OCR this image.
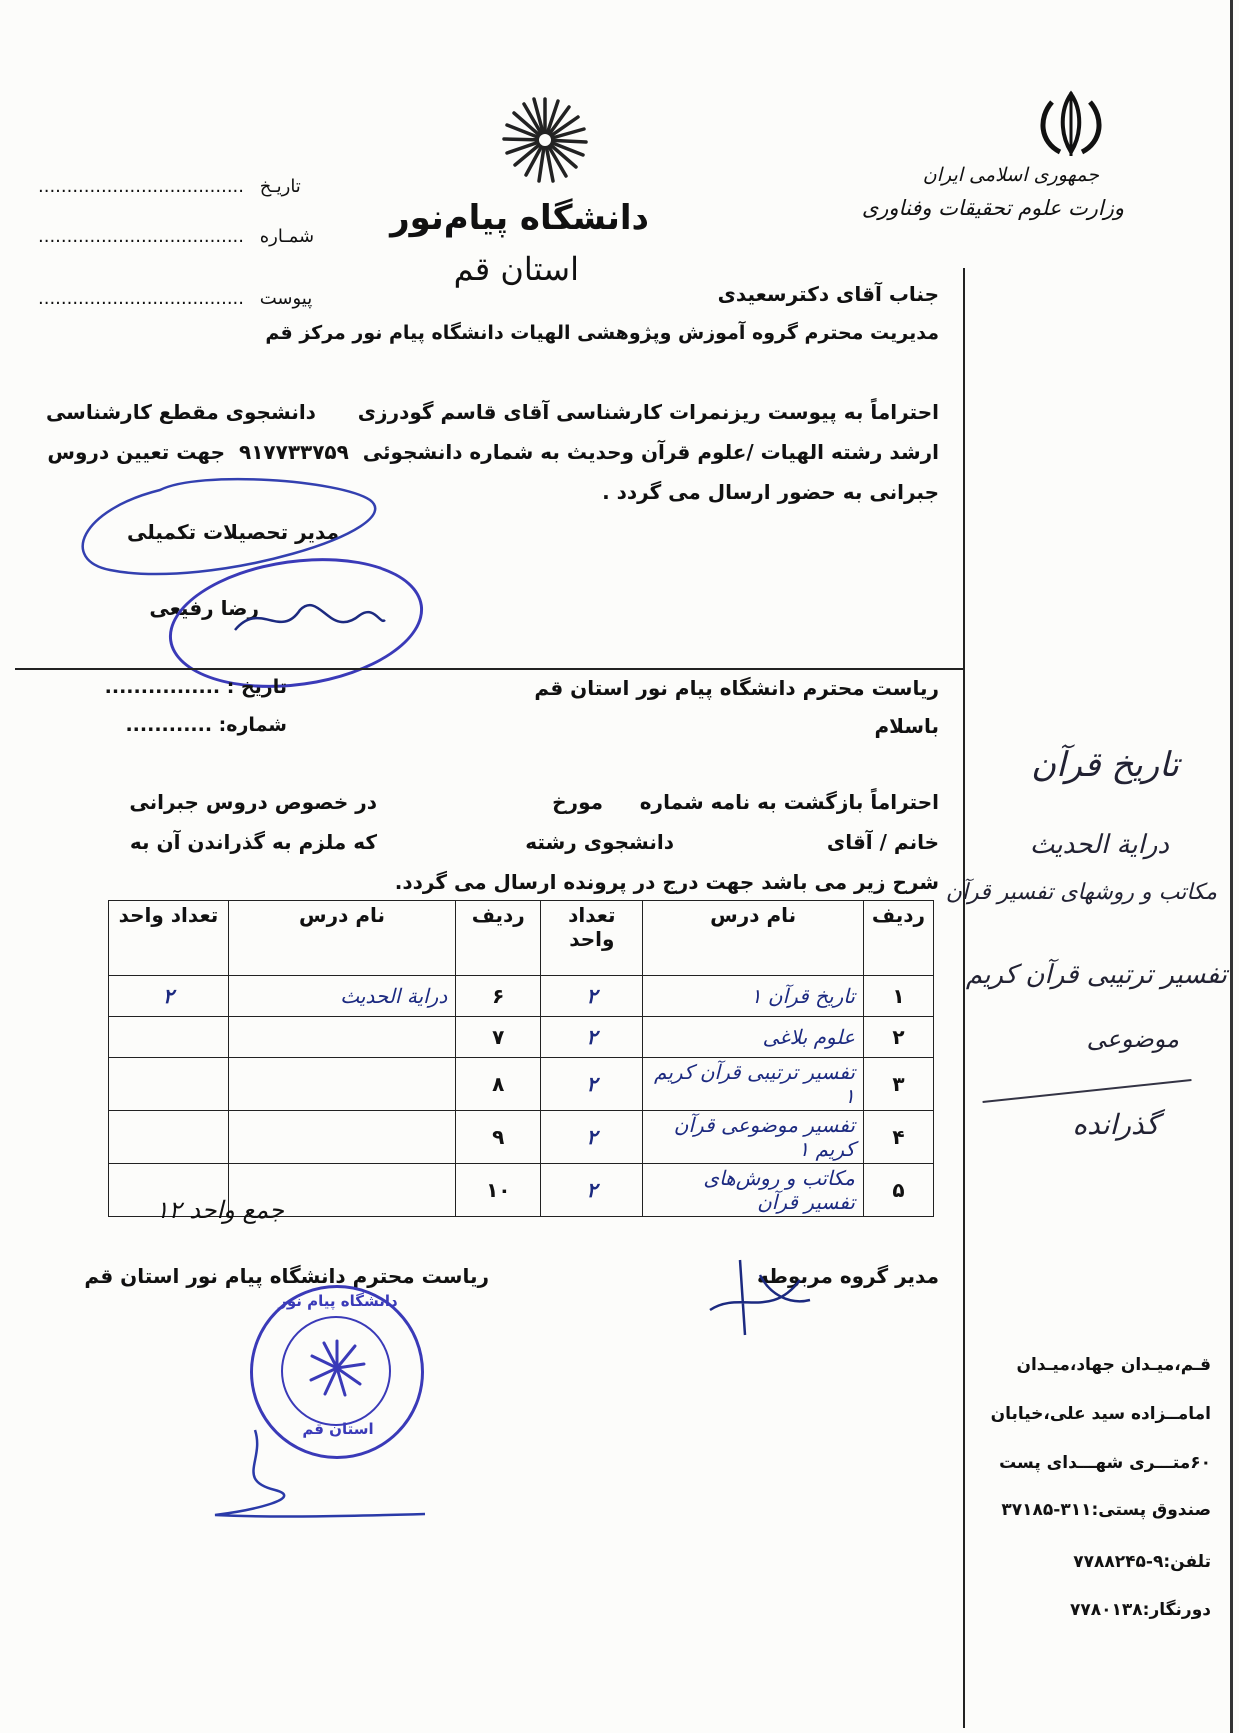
جمهوری اسلامی ایران
وزارت علوم تحقیقات وفناوری
دانشگاه پیام‌نور
استان قم
.................................... تاریـخ
.................................... شمـاره
.................................... پیوست	جناب آقای دکترسعیدی
مدیریت محترم گروه آموزش وپژوهشی الهیات دانشگاه پیام نور مرکز قم
احتراماً به پیوست ریزنمرات کارشناسی آقای قاسم گودرزی      دانشجوی مقطع کارشناسی
ارشد رشته الهیات /علوم قرآن وحدیث به شماره دانشجوئی  ۹۱۷۷۳۳۷۵۹  جهت تعیین دروس
جبرانی به حضور ارسال می گردد .
مدیر تحصیلات تکمیلی
رضا رفیعی
تاریخ : ................
شماره: ............
ریاست محترم دانشگاه پیام نور استان قم
باسلام
احتراماً بازگشت به نامه شماره
مورخ
در خصوص دروس جبرانی
خانم / آقای
دانشجوی رشته
که ملزم به گذراندن آن به
شرح زیر می باشد جهت درج در پرونده ارسال می گردد.
ردیف	نام درس	تعداد واحد	ردیف	نام درس	تعداد واحد
۱	تاریخ قرآن ۱	۲	۶	درایة الحدیث	۲
۲	علوم بلاغی	۲	۷		
۳	تفسیر ترتیبی قرآن کریم ۱	۲	۸		
۴	تفسیر موضوعی قرآن کریم ۱	۲	۹		
۵	مکاتب و روش‌های تفسیر قرآن	۲	۱۰		
جمع واحد ۱۲
مدیر گروه مربوطه
ریاست محترم دانشگاه پیام نور استان قم
دانشگاه پیام نور
استان قم
تاریخ قرآن
درایة الحدیث
مکاتب و روشهای تفسیر قرآن
تفسیر ترتیبی قرآن کریم
موضوعی
گذرانده
قـم،میـدان جهاد،میـدان
امامــزاده سید علی،خیابان
۶۰متـــری شهـــدای پست
صندوق پستی:۳۱۱-۳۷۱۸۵
تلفن:۹-۷۷۸۸۲۴۵
دورنگار:۷۷۸۰۱۳۸
